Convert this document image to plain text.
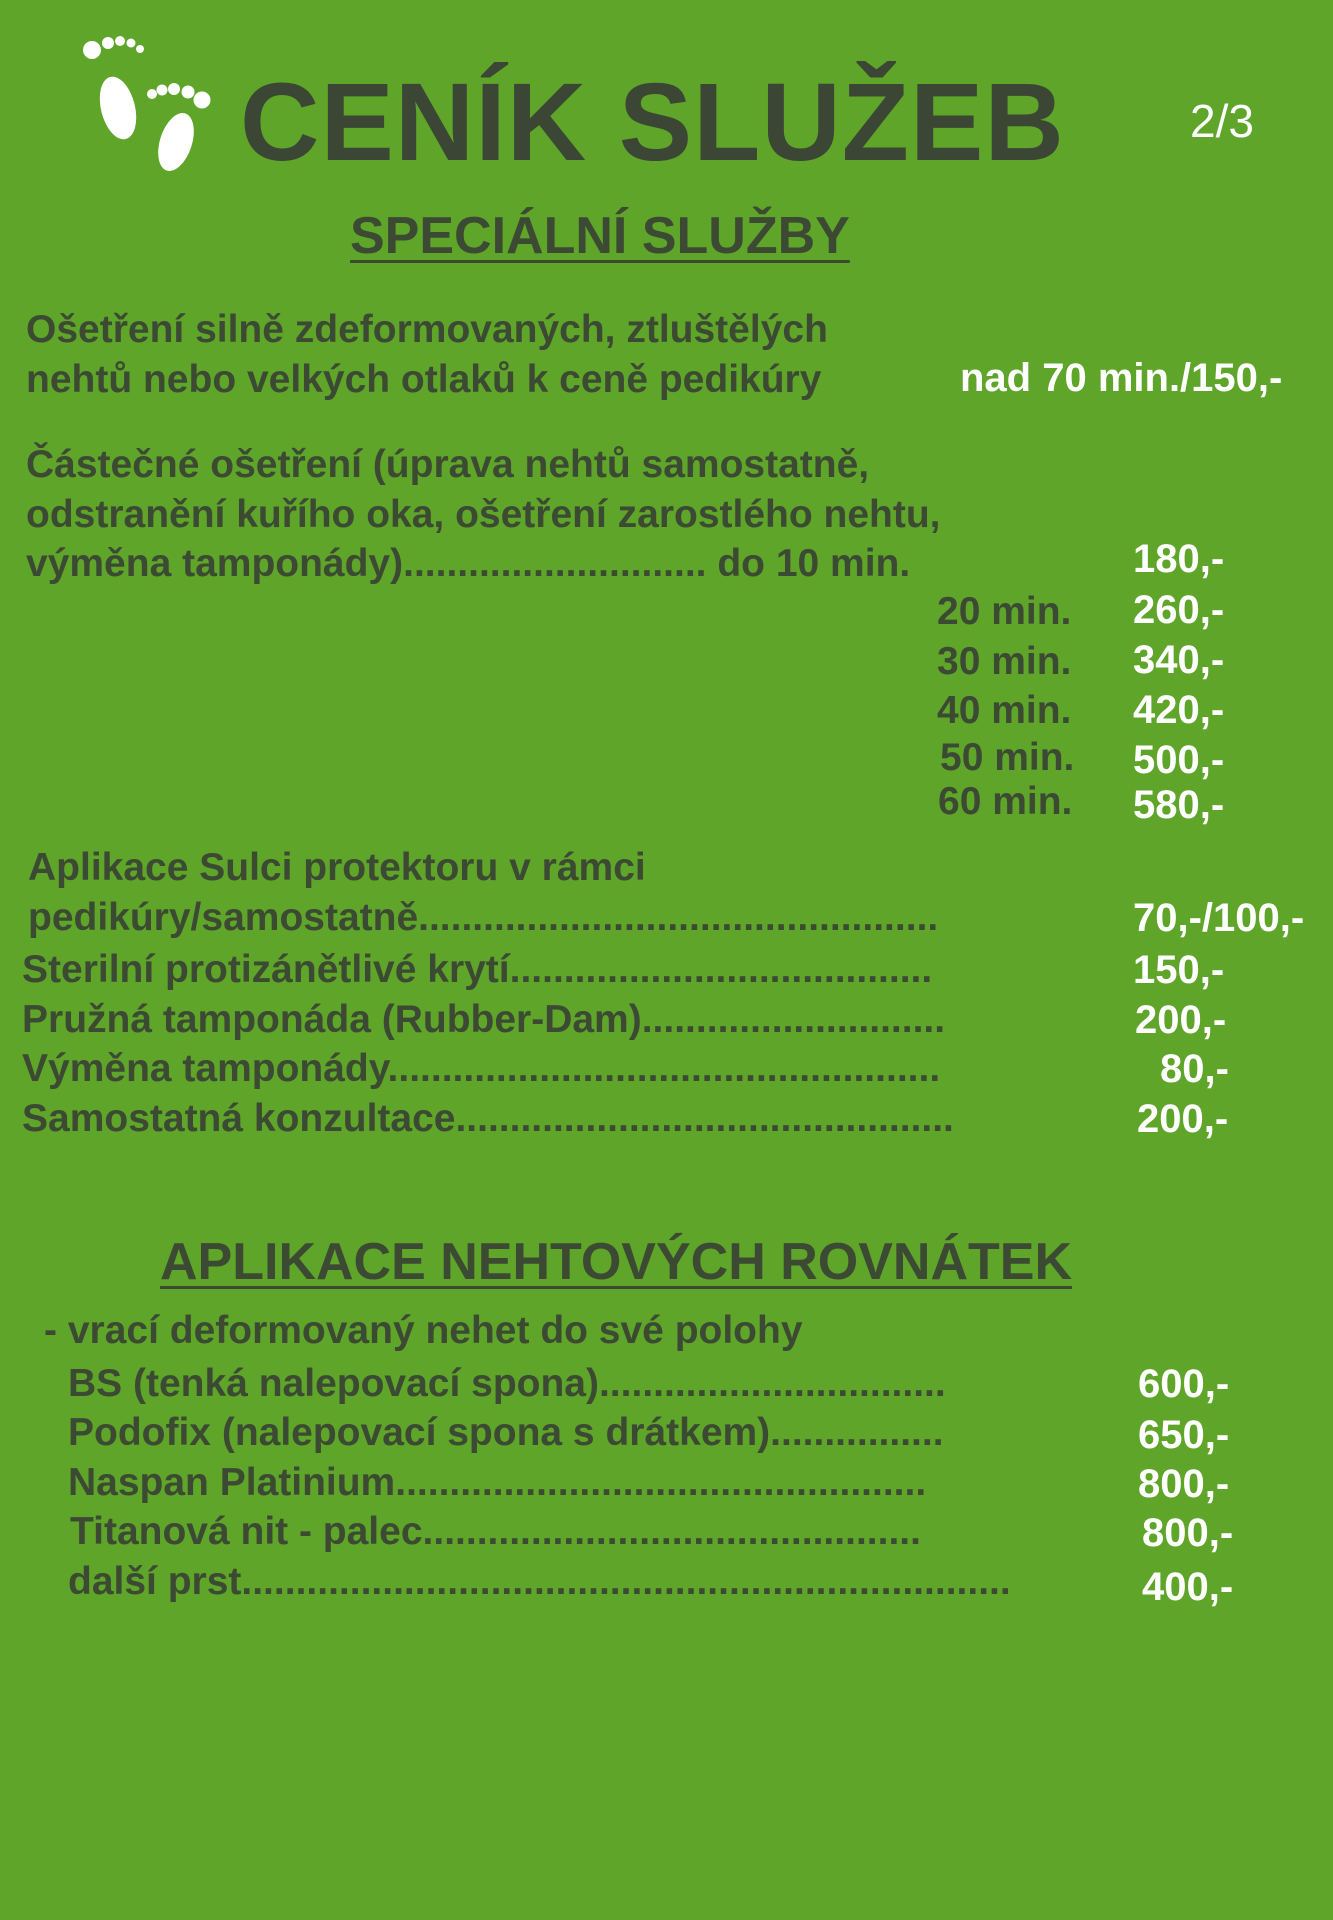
CENÍK SLUŽEB	2/3
SPECIÁLNÍ SLUŽBY
Ošetření silně zdeformovaných, ztluštělých
nehtů nebo velkých otlaků k ceně pedikúry	nad 70 min./150,-
Částečné ošetření (úprava nehtů samostatně,
odstranění kuřího oka, ošetření zarostlého nehtu,
výměna tamponády)............................ do 10 min.	180,-
20 min. 260,-
30 min. 340,-
40 min. 420,-
50 min. 500,-
60 min. 580,-
Aplikace Sulci protektoru v rámci
pedikúry/samostatně................................................	70,-/100,-
Sterilní protizánětlivé krytí.......................................	150,-
Pružná tamponáda (Rubber-Dam)............................	200,-
Výměna tamponády...................................................	80,-
Samostatná konzultace..............................................	200,-
APLIKACE NEHTOVÝCH ROVNÁTEK
- vrací deformovaný nehet do své polohy
BS (tenká nalepovací spona)................................	600,-
Podofix (nalepovací spona s drátkem)................	650,-
Naspan Platinium.................................................	800,-
Titanová nit - palec..............................................	800,-
další prst.......................................................................	400,-
